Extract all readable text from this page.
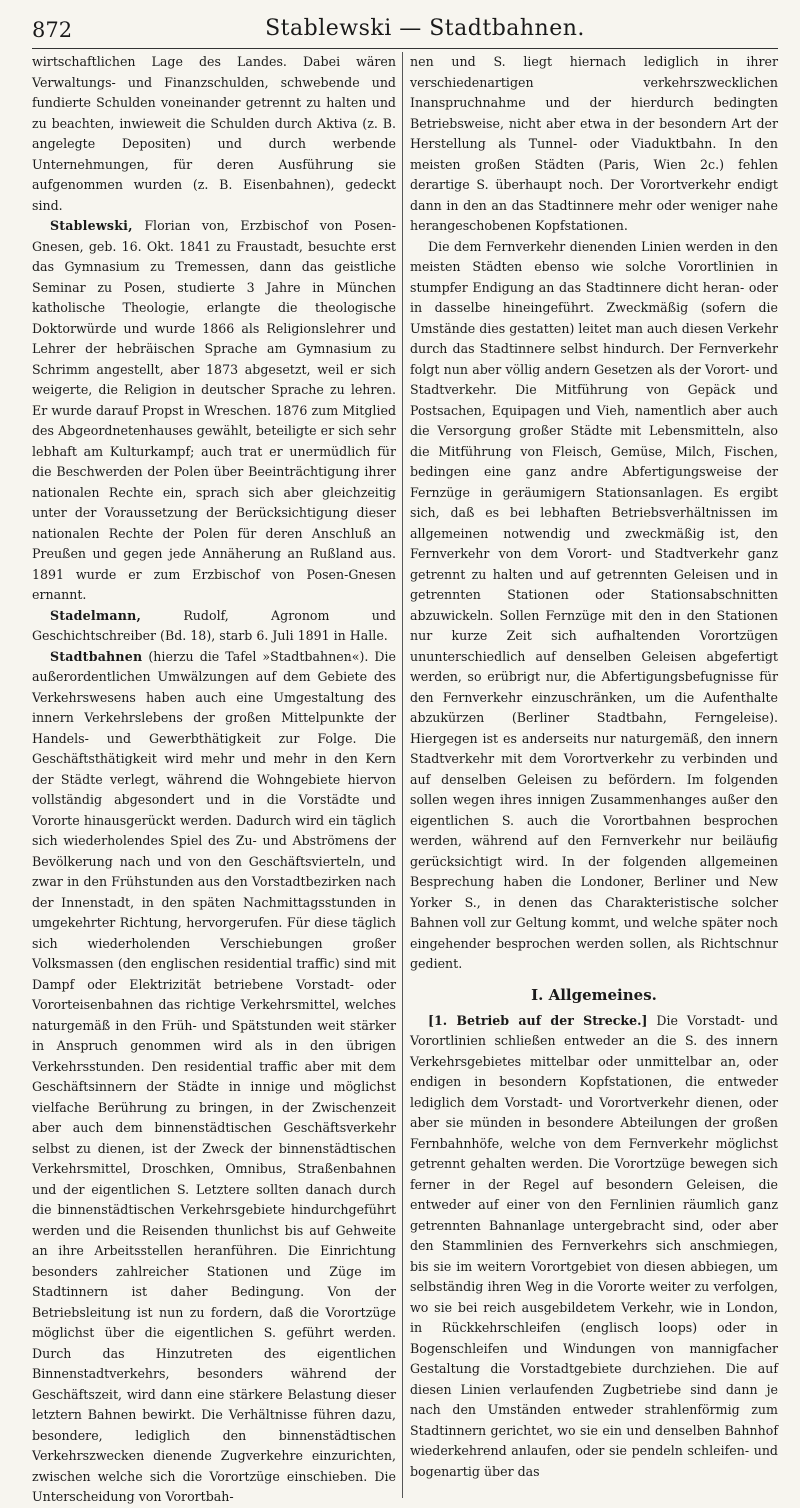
872	Stablewski — Stadtbahnen.

wirtschaftlichen Lage des Landes. Dabei wären Verwaltungs- und Finanzschulden, schwebende und fundierte Schulden voneinander getrennt zu halten und zu beachten, inwieweit die Schulden durch Aktiva (z. B. angelegte Depositen) und durch werbende Unternehmungen, für deren Ausführung sie aufgenommen wurden (z. B. Eisenbahnen), gedeckt sind.

Stablewski, Florian von, Erzbischof von Posen-Gnesen, geb. 16. Okt. 1841 zu Fraustadt, besuchte erst das Gymnasium zu Tremessen, dann das geistliche Seminar zu Posen, studierte 3 Jahre in München katholische Theologie, erlangte die theologische Doktorwürde und wurde 1866 als Religionslehrer und Lehrer der hebräischen Sprache am Gymnasium zu Schrimm angestellt, aber 1873 abgesetzt, weil er sich weigerte, die Religion in deutscher Sprache zu lehren. Er wurde darauf Propst in Wreschen. 1876 zum Mitglied des Abgeordnetenhauses gewählt, beteiligte er sich sehr lebhaft am Kulturkampf; auch trat er unermüdlich für die Beschwerden der Polen über Beeinträchtigung ihrer nationalen Rechte ein, sprach sich aber gleichzeitig unter der Voraussetzung der Berücksichtigung dieser nationalen Rechte der Polen für deren Anschluß an Preußen und gegen jede Annäherung an Rußland aus. 1891 wurde er zum Erzbischof von Posen-Gnesen ernannt.

Stadelmann,	Rudolf, Agronom und Geschichtschreiber (Bd. 18), starb 6. Juli 1891 in Halle.

Stadtbahnen (hierzu die Tafel »Stadtbahnen«). Die außerordentlichen Umwälzungen auf dem Gebiete des Verkehrswesens haben auch eine Umgestaltung des innern Verkehrslebens der großen Mittelpunkte der Handels- und Gewerbthätigkeit zur Folge. Die Geschäftsthätigkeit wird mehr und mehr in den Kern der Städte verlegt, während die Wohngebiete hiervon vollständig abgesondert und in die Vorstädte und Vororte hinausgerückt werden. Dadurch wird ein täglich sich wiederholendes Spiel des Zu- und Abströmens der Bevölkerung nach und von den Geschäftsvierteln, und zwar in den Frühstunden aus den Vorstadtbezirken nach der Innenstadt, in den späten Nachmittagsstunden in umgekehrter Richtung, hervorgerufen. Für diese täglich sich wiederholenden Verschiebungen großer Volksmassen (den englischen residential traffic) sind mit Dampf oder Elektrizität betriebene Vorstadt- oder Vororteisenbahnen das richtige Verkehrsmittel, welches naturgemäß in den Früh- und Spätstunden weit stärker in Anspruch genommen wird als in den übrigen Verkehrsstunden. Den residential traffic aber mit dem Geschäftsinnern der Städte in innige und möglichst vielfache Berührung zu bringen, in der Zwischenzeit aber auch dem binnenstädtischen Geschäftsverkehr selbst zu dienen, ist der Zweck der binnenstädtischen Verkehrsmittel, Droschken, Omnibus, Straßenbahnen und der eigentlichen S. Letztere sollten danach durch die binnenstädtischen Verkehrsgebiete hindurchgeführt werden und die Reisenden thunlichst bis auf Gehweite an ihre Arbeitsstellen heranführen. Die Einrichtung besonders zahlreicher Stationen und Züge im Stadtinnern ist daher Bedingung. Von der Betriebsleitung ist nun zu fordern, daß die Vorortzüge möglichst über die eigentlichen S. geführt werden. Durch das Hinzutreten des eigentlichen Binnenstadtverkehrs, besonders während der Geschäftszeit, wird dann eine stärkere Belastung dieser letztern Bahnen bewirkt. Die Verhältnisse führen dazu, besondere, lediglich den binnenstädtischen Verkehrszwecken dienende Zugverkehre einzurichten, zwischen welche sich die Vorortzüge einschieben. Die Unterscheidung von Vorortbah-

nen und S. liegt hiernach lediglich in ihrer verschiedenartigen verkehrszwecklichen Inanspruchnahme und der hierdurch bedingten Betriebsweise, nicht aber etwa in der besondern Art der Herstellung als Tunnel- oder Viaduktbahn. In den meisten großen Städten (Paris, Wien 2c.) fehlen derartige S. überhaupt noch. Der Vorortverkehr endigt dann in den an das Stadtinnere mehr oder weniger nahe herangeschobenen Kopfstationen.

Die dem Fernverkehr dienenden Linien werden in den meisten Städten ebenso wie solche Vorortlinien in stumpfer Endigung an das Stadtinnere dicht heran- oder in dasselbe hineingeführt. Zweckmäßig (sofern die Umstände dies gestatten) leitet man auch diesen Verkehr durch das Stadtinnere selbst hindurch. Der Fernverkehr folgt nun aber völlig andern Gesetzen als der Vorort- und Stadtverkehr. Die Mitführung von Gepäck und Postsachen, Equipagen und Vieh, namentlich aber auch die Versorgung großer Städte mit Lebensmitteln, also die Mitführung von Fleisch, Gemüse, Milch, Fischen, bedingen eine ganz andre Abfertigungsweise der Fernzüge in geräumigern Stationsanlagen. Es ergibt sich, daß es bei lebhaften Betriebsverhältnissen im allgemeinen notwendig und zweckmäßig ist, den Fernverkehr von dem Vorort- und Stadtverkehr ganz getrennt zu halten und auf getrennten Geleisen und in getrennten Stationen oder Stationsabschnitten abzuwickeln. Sollen Fernzüge mit den in den Stationen nur kurze Zeit sich aufhaltenden Vorortzügen ununterschiedlich auf denselben Geleisen abgefertigt werden, so erübrigt nur, die Abfertigungsbefugnisse für den Fernverkehr einzuschränken, um die Aufenthalte abzukürzen (Berliner Stadtbahn, Ferngeleise). Hiergegen ist es anderseits nur naturgemäß, den innern Stadtverkehr mit dem Vorortverkehr zu verbinden und auf denselben Geleisen zu befördern. Im folgenden sollen wegen ihres innigen Zusammenhanges außer den eigentlichen S. auch die Vorortbahnen besprochen werden, während auf den Fernverkehr nur beiläufig gerücksichtigt wird. In der folgenden allgemeinen Besprechung haben die Londoner, Berliner und New Yorker S., in denen das Charakteristische solcher Bahnen voll zur Geltung kommt, und welche später noch eingehender besprochen werden sollen, als Richtschnur gedient.

I. Allgemeines.

[1. Betrieb auf der Strecke.] Die Vorstadt- und Vorortlinien schließen entweder an die S. des innern Verkehrsgebietes mittelbar oder unmittelbar an, oder endigen in besondern Kopfstationen, die entweder lediglich dem Vorstadt- und Vorortverkehr dienen, oder aber sie münden in besondere Abteilungen der großen Fernbahnhöfe, welche von dem Fernverkehr möglichst getrennt gehalten werden. Die Vorortzüge bewegen sich ferner in der Regel auf besondern Geleisen, die entweder auf einer von den Fernlinien räumlich ganz getrennten Bahnanlage untergebracht sind, oder aber den Stammlinien des Fernverkehrs sich anschmiegen, bis sie im weitern Vorortgebiet von diesen abbiegen, um selbständig ihren Weg in die Vororte weiter zu verfolgen, wo sie bei reich ausgebildetem Verkehr, wie in London, in Rückkehrschleifen (englisch loops) oder in Bogenschleifen und Windungen von mannigfacher Gestaltung die Vorstadtgebiete durchziehen. Die auf diesen Linien verlaufenden Zugbetriebe sind dann je nach den Umständen entweder strahlenförmig zum Stadtinnern gerichtet, wo sie ein und denselben Bahnhof wiederkehrend anlaufen, oder sie pendeln schleifen- und bogenartig über das
